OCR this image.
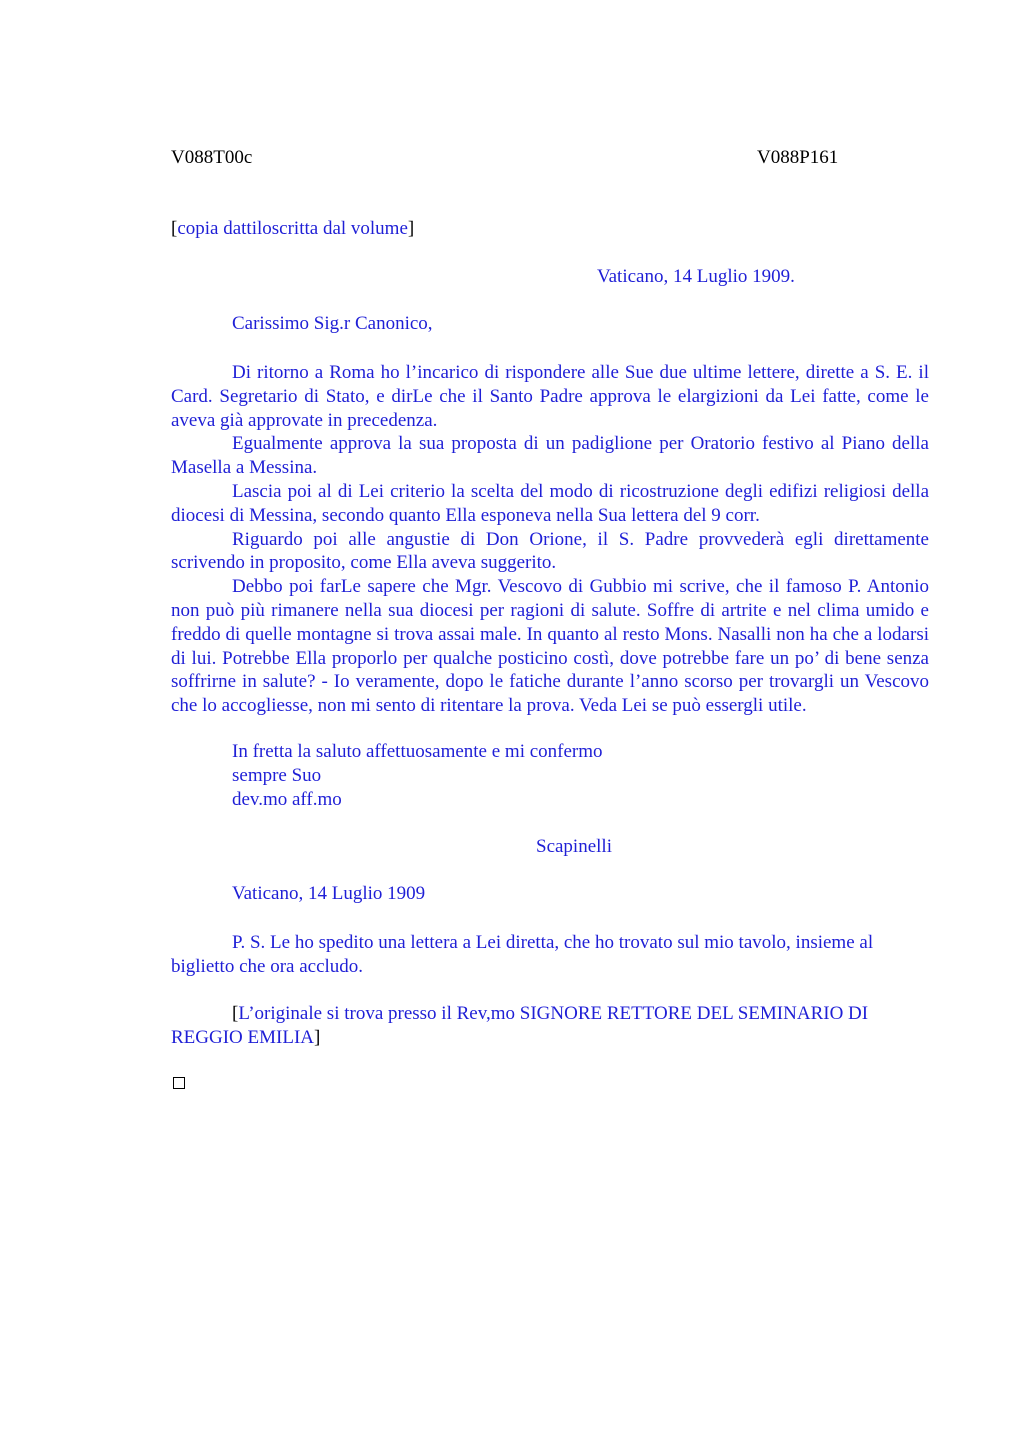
V088T00c	V088P161
[copia dattiloscritta dal volume]
Vaticano, 14 Luglio 1909.
Carissimo Sig.r Canonico,

Di ritorno a Roma ho l’incarico di rispondere alle Sue due ultime lettere, dirette a S. E. il Card. Segretario di Stato, e dirLe che il Santo Padre approva le elargizioni da Lei fatte, come le aveva già approvate in precedenza.

Egualmente approva la sua proposta di un padiglione per Oratorio festivo al Piano della Masella a Messina.

Lascia poi al di Lei criterio la scelta del modo di ricostruzione degli edifizi religiosi della diocesi di Messina, secondo quanto Ella esponeva nella Sua lettera del 9 corr.

Riguardo poi alle angustie di Don Orione, il S. Padre provvederà egli direttamente scrivendo in proposito, come Ella aveva suggerito.

Debbo poi farLe sapere che Mgr. Vescovo di Gubbio mi scrive, che il famoso P. Antonio non può più rimanere nella sua diocesi per ragioni di salute. Soffre di artrite e nel clima umido e freddo di quelle montagne si trova assai male. In quanto al resto Mons. Nasalli non ha che a lodarsi di lui. Potrebbe Ella proporlo per qualche posticino costì, dove potrebbe fare un po’ di bene senza soffrirne in salute? - Io veramente, dopo le fatiche durante l’anno scorso per trovargli un Vescovo che lo accogliesse, non mi sento di ritentare la prova. Veda Lei se può essergli utile.

In fretta la saluto affettuosamente e mi confermo
sempre Suo
dev.mo aff.mo
Scapinelli
Vaticano, 14 Luglio 1909

P. S. Le ho spedito una lettera a Lei diretta, che ho trovato sul mio tavolo, insieme al biglietto che ora accludo.

[L’originale si trova presso il Rev,mo SIGNORE RETTORE DEL SEMINARIO DI REGGIO EMILIA]
